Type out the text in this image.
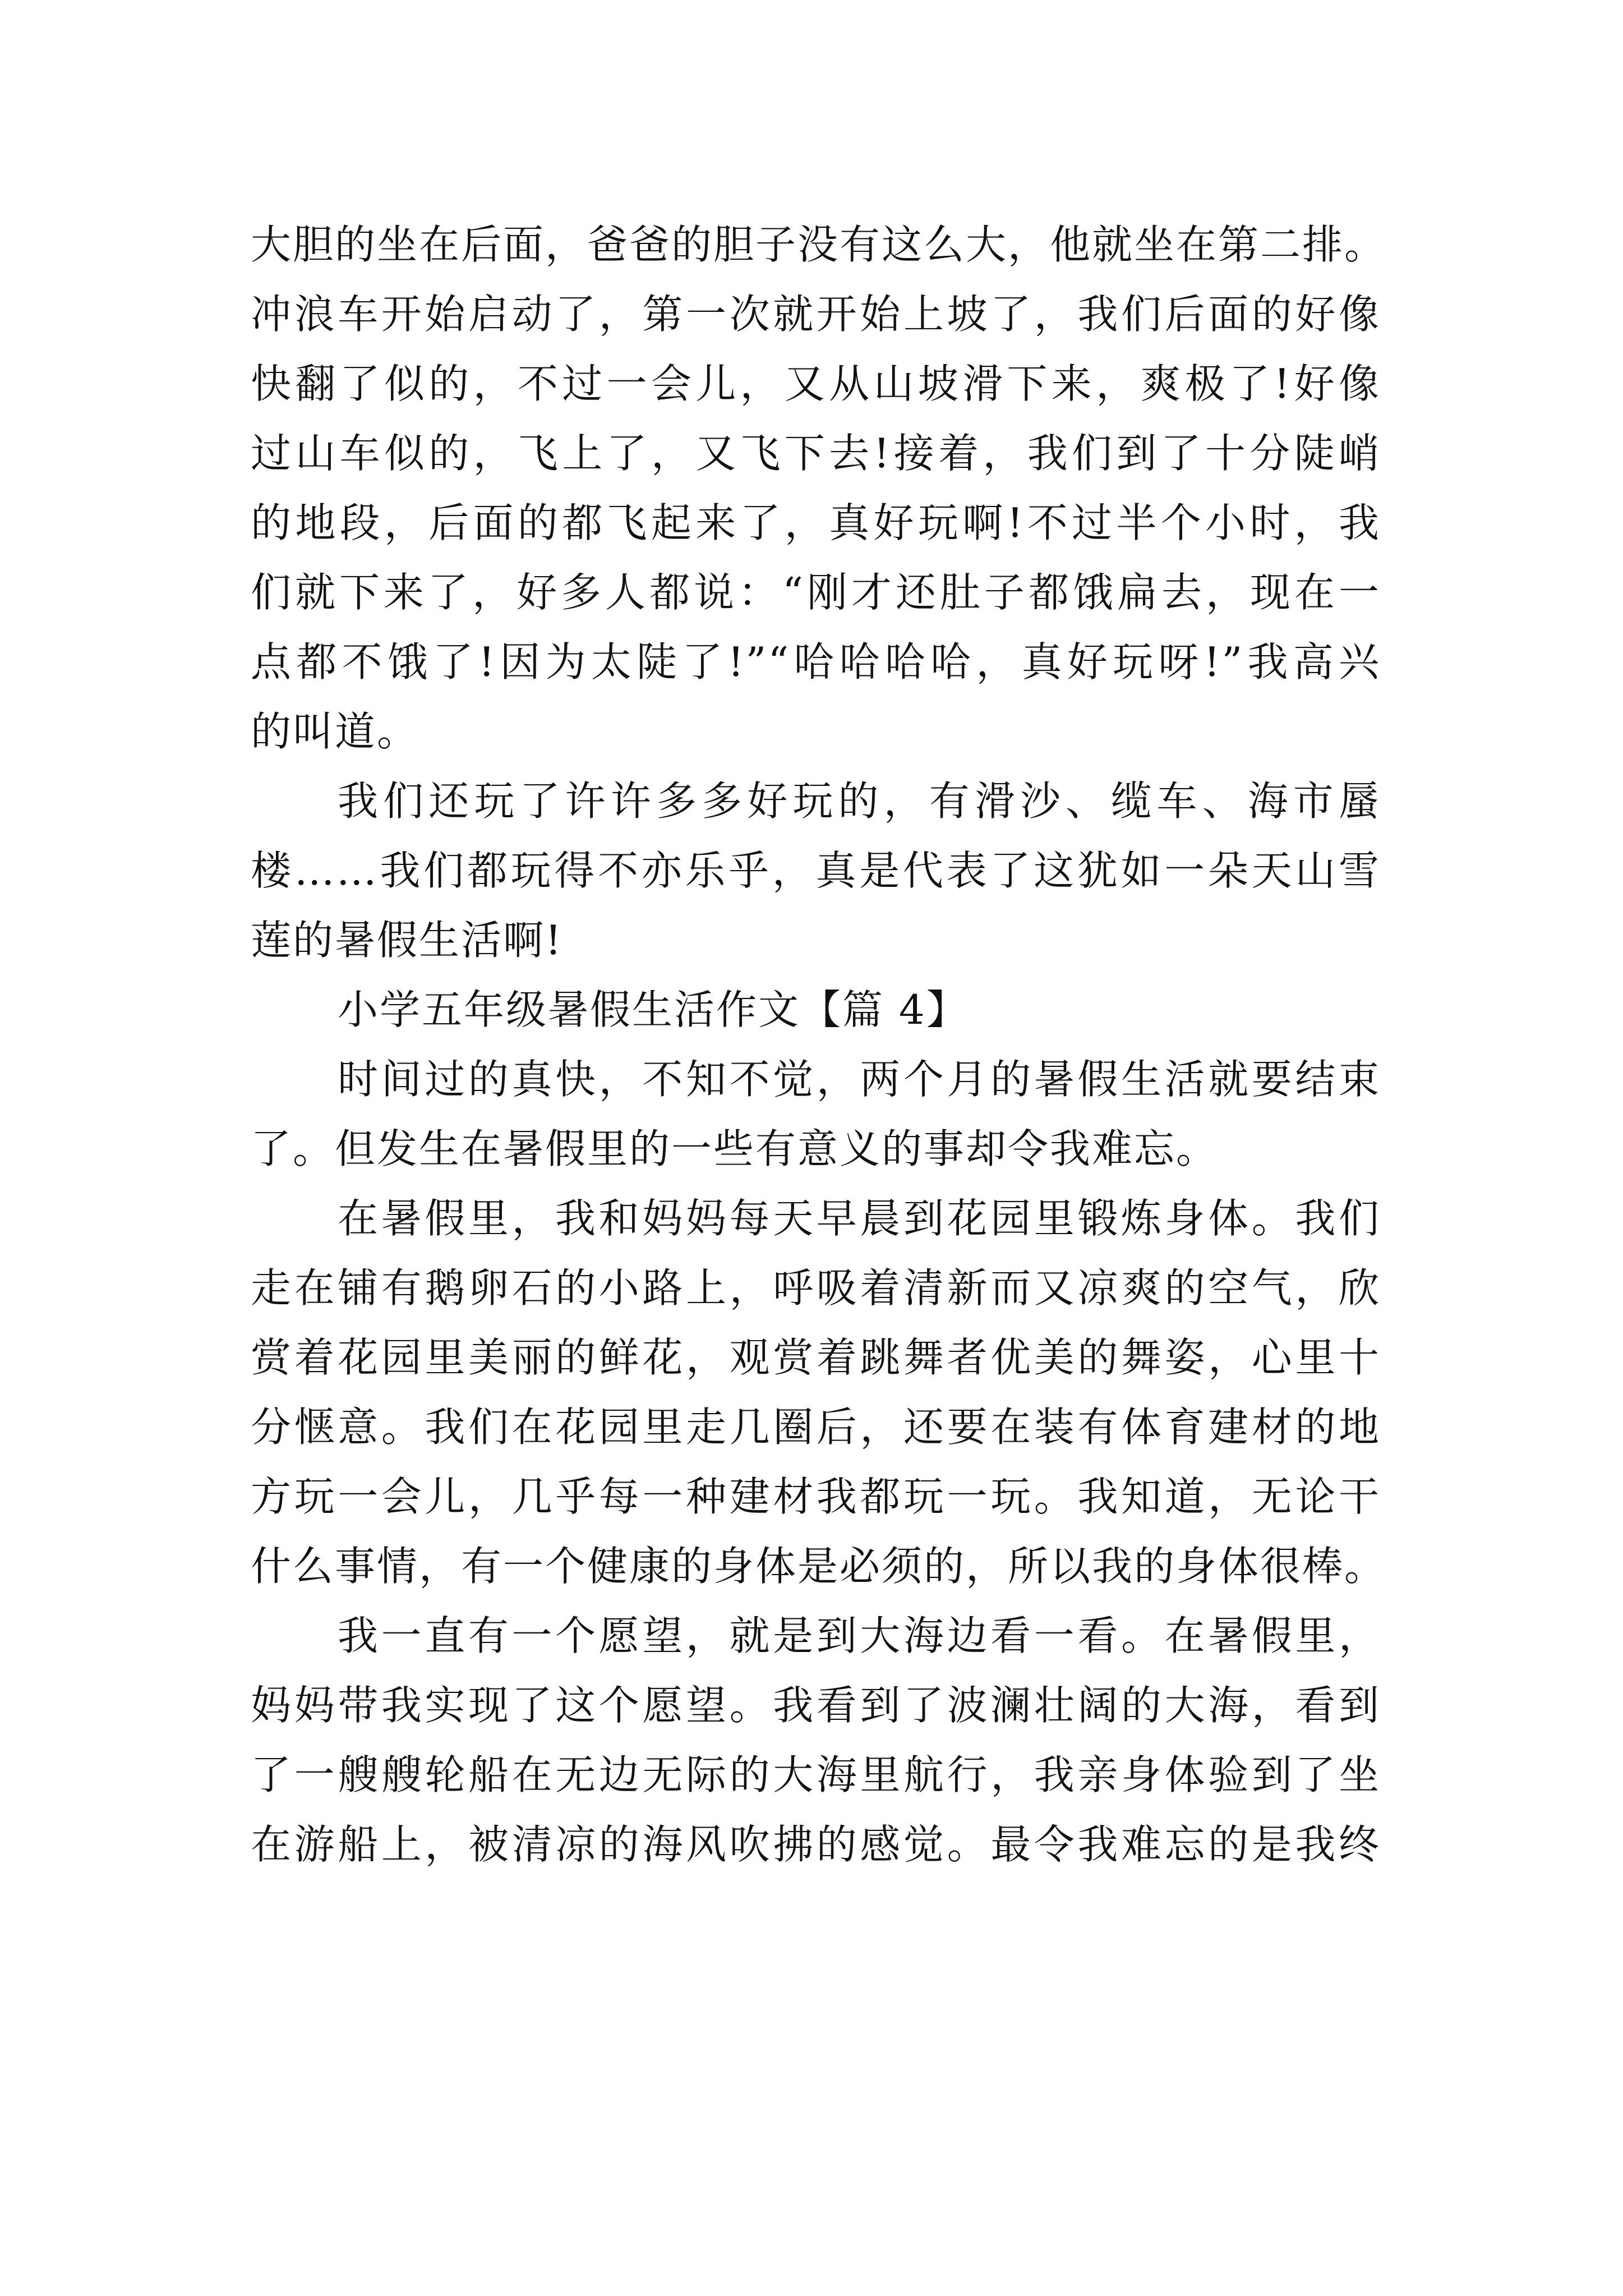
大胆的坐在后面，爸爸的胆子没有这么大，他就坐在第二排。
冲浪车开始启动了，第一次就开始上坡了，我们后面的好像
快翻了似的，不过一会儿，又从山坡滑下来，爽极了!好像
过山车似的，飞上了，又飞下去!接着，我们到了十分陡峭
的地段，后面的都飞起来了，真好玩啊!不过半个小时，我
们就下来了，好多人都说：“刚才还肚子都饿扁去，现在一
点都不饿了!因为太陡了!”“哈哈哈哈，真好玩呀!”我高兴
的叫道。
我们还玩了许许多多好玩的，有滑沙、缆车、海市蜃
楼……我们都玩得不亦乐乎，真是代表了这犹如一朵天山雪
莲的暑假生活啊!
小学五年级暑假生活作文【篇 4】
时间过的真快，不知不觉，两个月的暑假生活就要结束
了。但发生在暑假里的一些有意义的事却令我难忘。
在暑假里，我和妈妈每天早晨到花园里锻炼身体。我们
走在铺有鹅卵石的小路上，呼吸着清新而又凉爽的空气，欣
赏着花园里美丽的鲜花，观赏着跳舞者优美的舞姿，心里十
分惬意。我们在花园里走几圈后，还要在装有体育建材的地
方玩一会儿，几乎每一种建材我都玩一玩。我知道，无论干
什么事情，有一个健康的身体是必须的，所以我的身体很棒。
我一直有一个愿望，就是到大海边看一看。在暑假里，
妈妈带我实现了这个愿望。我看到了波澜壮阔的大海，看到
了一艘艘轮船在无边无际的大海里航行，我亲身体验到了坐
在游船上，被清凉的海风吹拂的感觉。最令我难忘的是我终
